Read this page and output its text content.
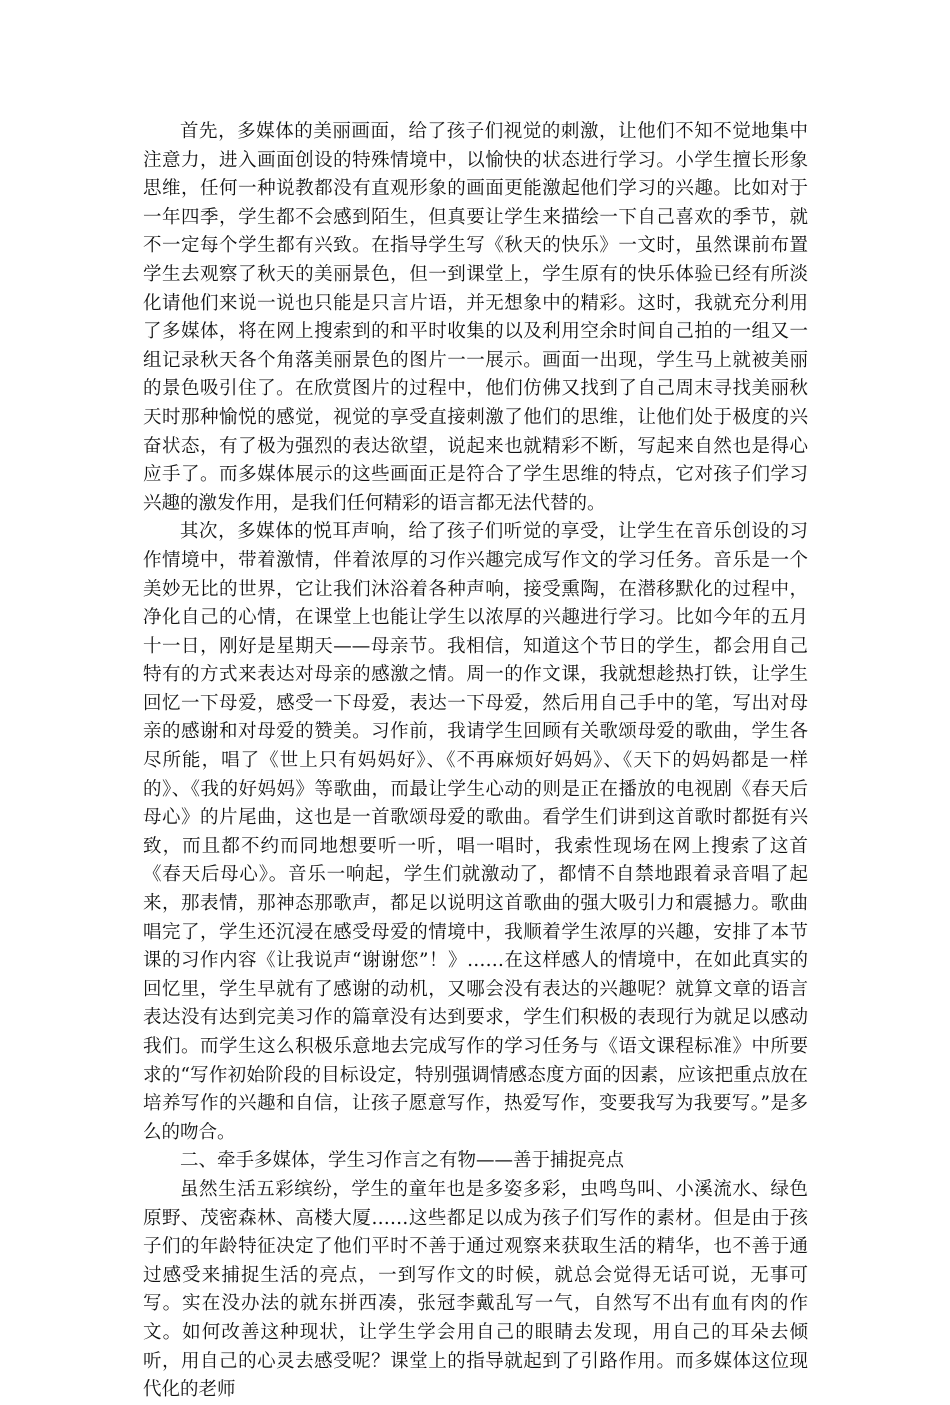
首先，多媒体的美丽画面，给了孩子们视觉的刺激，让他们不知不觉地集中注意力，进入画面创设的特殊情境中，以愉快的状态进行学习。小学生擅长形象思维，任何一种说教都没有直观形象的画面更能激起他们学习的兴趣。比如对于一年四季，学生都不会感到陌生，但真要让学生来描绘一下自己喜欢的季节，就不一定每个学生都有兴致。在指导学生写《秋天的快乐》一文时，虽然课前布置学生去观察了秋天的美丽景色，但一到课堂上，学生原有的快乐体验已经有所淡化请他们来说一说也只能是只言片语，并无想象中的精彩。这时，我就充分利用了多媒体，将在网上搜索到的和平时收集的以及利用空余时间自己拍的一组又一组记录秋天各个角落美丽景色的图片一一展示。画面一出现，学生马上就被美丽的景色吸引住了。在欣赏图片的过程中，他们仿佛又找到了自己周末寻找美丽秋天时那种愉悦的感觉，视觉的享受直接刺激了他们的思维，让他们处于极度的兴奋状态，有了极为强烈的表达欲望，说起来也就精彩不断，写起来自然也是得心应手了。而多媒体展示的这些画面正是符合了学生思维的特点，它对孩子们学习兴趣的激发作用，是我们任何精彩的语言都无法代替的。

其次，多媒体的悦耳声响，给了孩子们听觉的享受，让学生在音乐创设的习作情境中，带着激情，伴着浓厚的习作兴趣完成写作文的学习任务。音乐是一个美妙无比的世界，它让我们沐浴着各种声响，接受熏陶，在潜移默化的过程中，净化自己的心情，在课堂上也能让学生以浓厚的兴趣进行学习。比如今年的五月十一日，刚好是星期天——母亲节。我相信，知道这个节日的学生，都会用自己特有的方式来表达对母亲的感激之情。周一的作文课，我就想趁热打铁，让学生回忆一下母爱，感受一下母爱，表达一下母爱，然后用自己手中的笔，写出对母亲的感谢和对母爱的赞美。习作前，我请学生回顾有关歌颂母爱的歌曲，学生各尽所能，唱了《世上只有妈妈好》、《不再麻烦好妈妈》、《天下的妈妈都是一样的》、《我的好妈妈》等歌曲，而最让学生心动的则是正在播放的电视剧《春天后母心》的片尾曲，这也是一首歌颂母爱的歌曲。看学生们讲到这首歌时都挺有兴致，而且都不约而同地想要听一听，唱一唱时，我索性现场在网上搜索了这首《春天后母心》。音乐一响起，学生们就激动了，都情不自禁地跟着录音唱了起来，那表情，那神态那歌声，都足以说明这首歌曲的强大吸引力和震撼力。歌曲唱完了，学生还沉浸在感受母爱的情境中，我顺着学生浓厚的兴趣，安排了本节课的习作内容《让我说声“谢谢您”！》……在这样感人的情境中，在如此真实的回忆里，学生早就有了感谢的动机，又哪会没有表达的兴趣呢？就算文章的语言表达没有达到完美习作的篇章没有达到要求，学生们积极的表现行为就足以感动我们。而学生这么积极乐意地去完成写作的学习任务与《语文课程标准》中所要求的“写作初始阶段的目标设定，特别强调情感态度方面的因素，应该把重点放在培养写作的兴趣和自信，让孩子愿意写作，热爱写作，变要我写为我要写。”是多么的吻合。

二、牵手多媒体，学生习作言之有物——善于捕捉亮点

虽然生活五彩缤纷，学生的童年也是多姿多彩，虫鸣鸟叫、小溪流水、绿色原野、茂密森林、高楼大厦……这些都足以成为孩子们写作的素材。但是由于孩子们的年龄特征决定了他们平时不善于通过观察来获取生活的精华，也不善于通过感受来捕捉生活的亮点，一到写作文的时候，就总会觉得无话可说，无事可写。实在没办法的就东拼西凑，张冠李戴乱写一气，自然写不出有血有肉的作文。如何改善这种现状，让学生学会用自己的眼睛去发现，用自己的耳朵去倾听，用自己的心灵去感受呢？课堂上的指导就起到了引路作用。而多媒体这位现代化的老师
